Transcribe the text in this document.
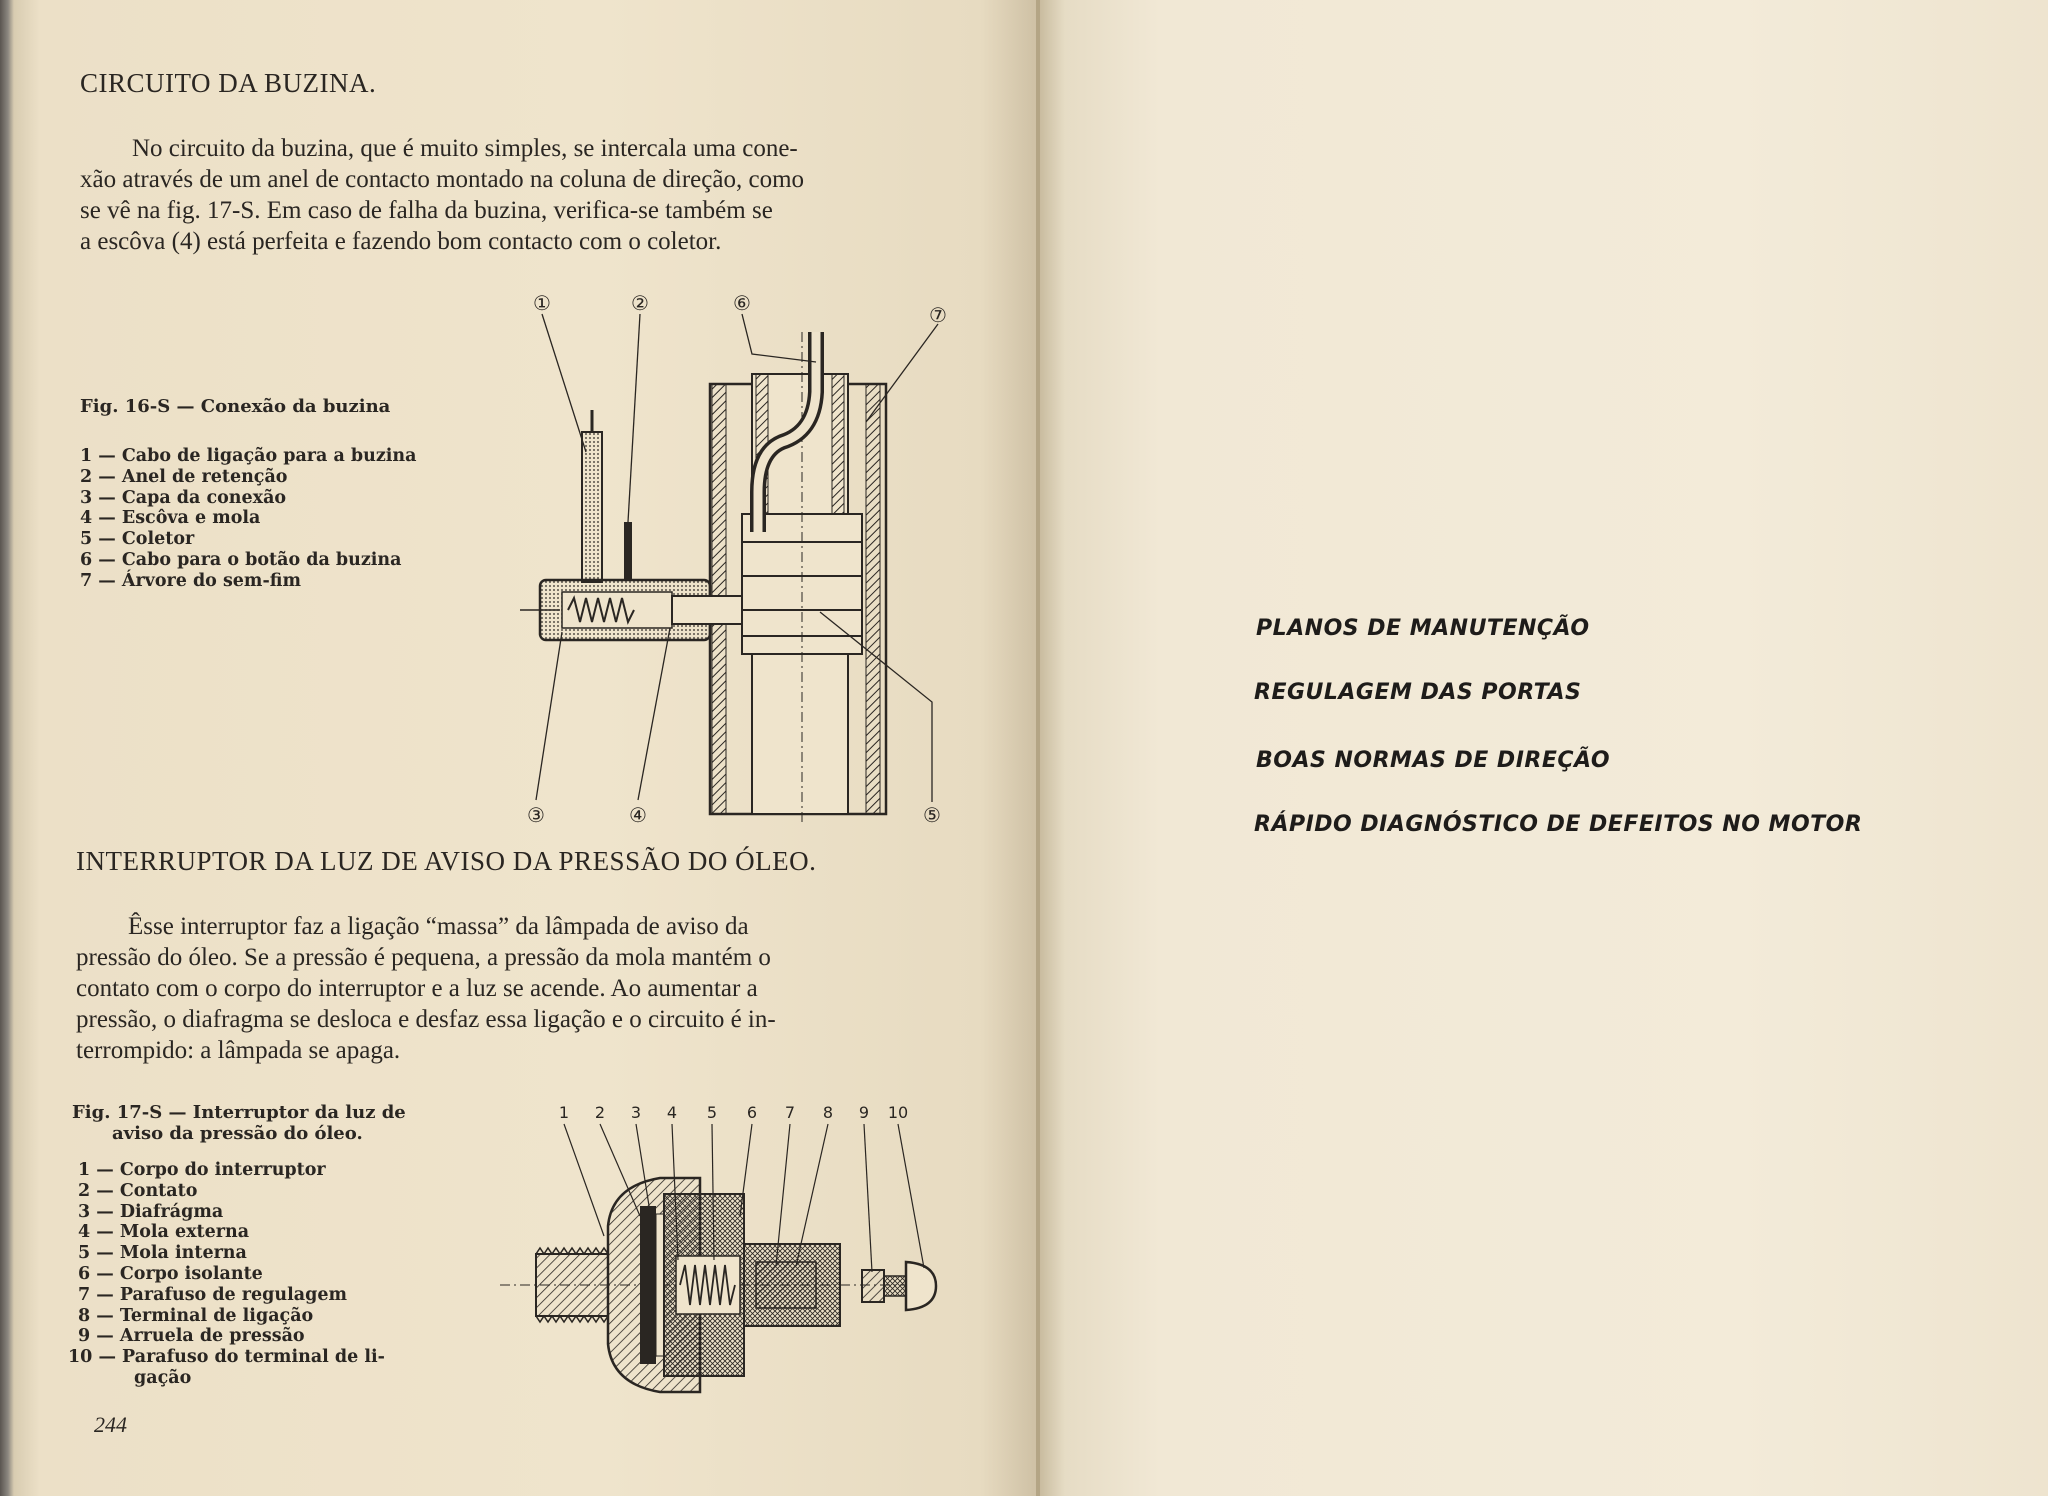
CIRCUITO DA BUZINA.

No circuito da buzina, que é muito simples, se intercala uma cone-

xão através de um anel de contacto montado na coluna de direção, como

se vê na fig. 17-S. Em caso de falha da buzina, verifica-se também se

a escôva (4) está perfeita e fazendo bom contacto com o coletor.

Fig. 16-S — Conexão da buzina
1 — Cabo de ligação para a buzina
2 — Anel de retenção
3 — Capa da conexão
4 — Escôva e mola
5 — Coletor
6 — Cabo para o botão da buzina
7 — Árvore do sem-fim
①	②	⑥	⑦
③	④	⑤
INTERRUPTOR DA LUZ DE AVISO DA PRESSÃO DO ÓLEO.

Êsse interruptor faz a ligação “massa” da lâmpada de aviso da

pressão do óleo. Se a pressão é pequena, a pressão da mola mantém o

contato com o corpo do interruptor e a luz se acende. Ao aumentar a

pressão, o diafragma se desloca e desfaz essa ligação e o circuito é in-

terrompido: a lâmpada se apaga.

Fig. 17-S — Interruptor da luz de
aviso da pressão do óleo.
1 — Corpo do interruptor
2 — Contato
3 — Diafrágma
4 — Mola externa
5 — Mola interna
6 — Corpo isolante
7 — Parafuso de regulagem
8 — Terminal de ligação
9 — Arruela de pressão
10 — Parafuso do terminal de li-
gação
1 2 3 4 5 6 7 8 9 10
244
PLANOS DE MANUTENÇÃO
REGULAGEM DAS PORTAS
BOAS NORMAS DE DIREÇÃO
RÁPIDO DIAGNÓSTICO DE DEFEITOS NO MOTOR
